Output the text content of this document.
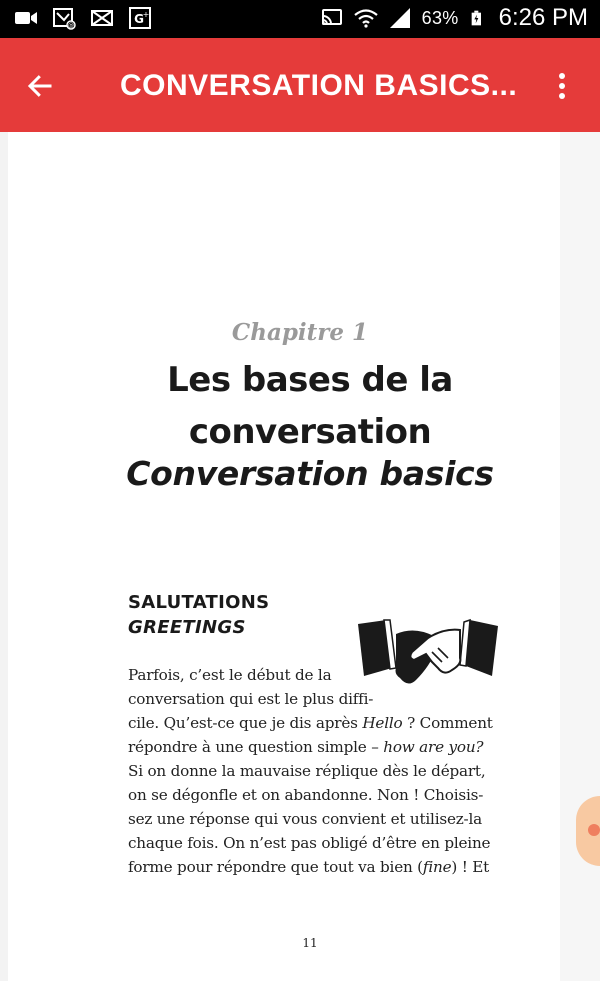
@	G
+	63% 6:26 PM
CONVERSATION BASICS...
Chapitre 1
Les bases de la
conversation
Conversation basics
SALUTATIONS
GREETINGS
Parfois, c’est le début de la
conversation qui est le plus diffi-
cile. Qu’est-ce que je dis après Hello ? Comment
répondre à une question simple – how are you?
Si on donne la mauvaise réplique dès le départ,
on se dégonfle et on abandonne. Non ! Choisis-
sez une réponse qui vous convient et utilisez-la
chaque fois. On n’est pas obligé d’être en pleine
forme pour répondre que tout va bien (fine) ! Et
11
